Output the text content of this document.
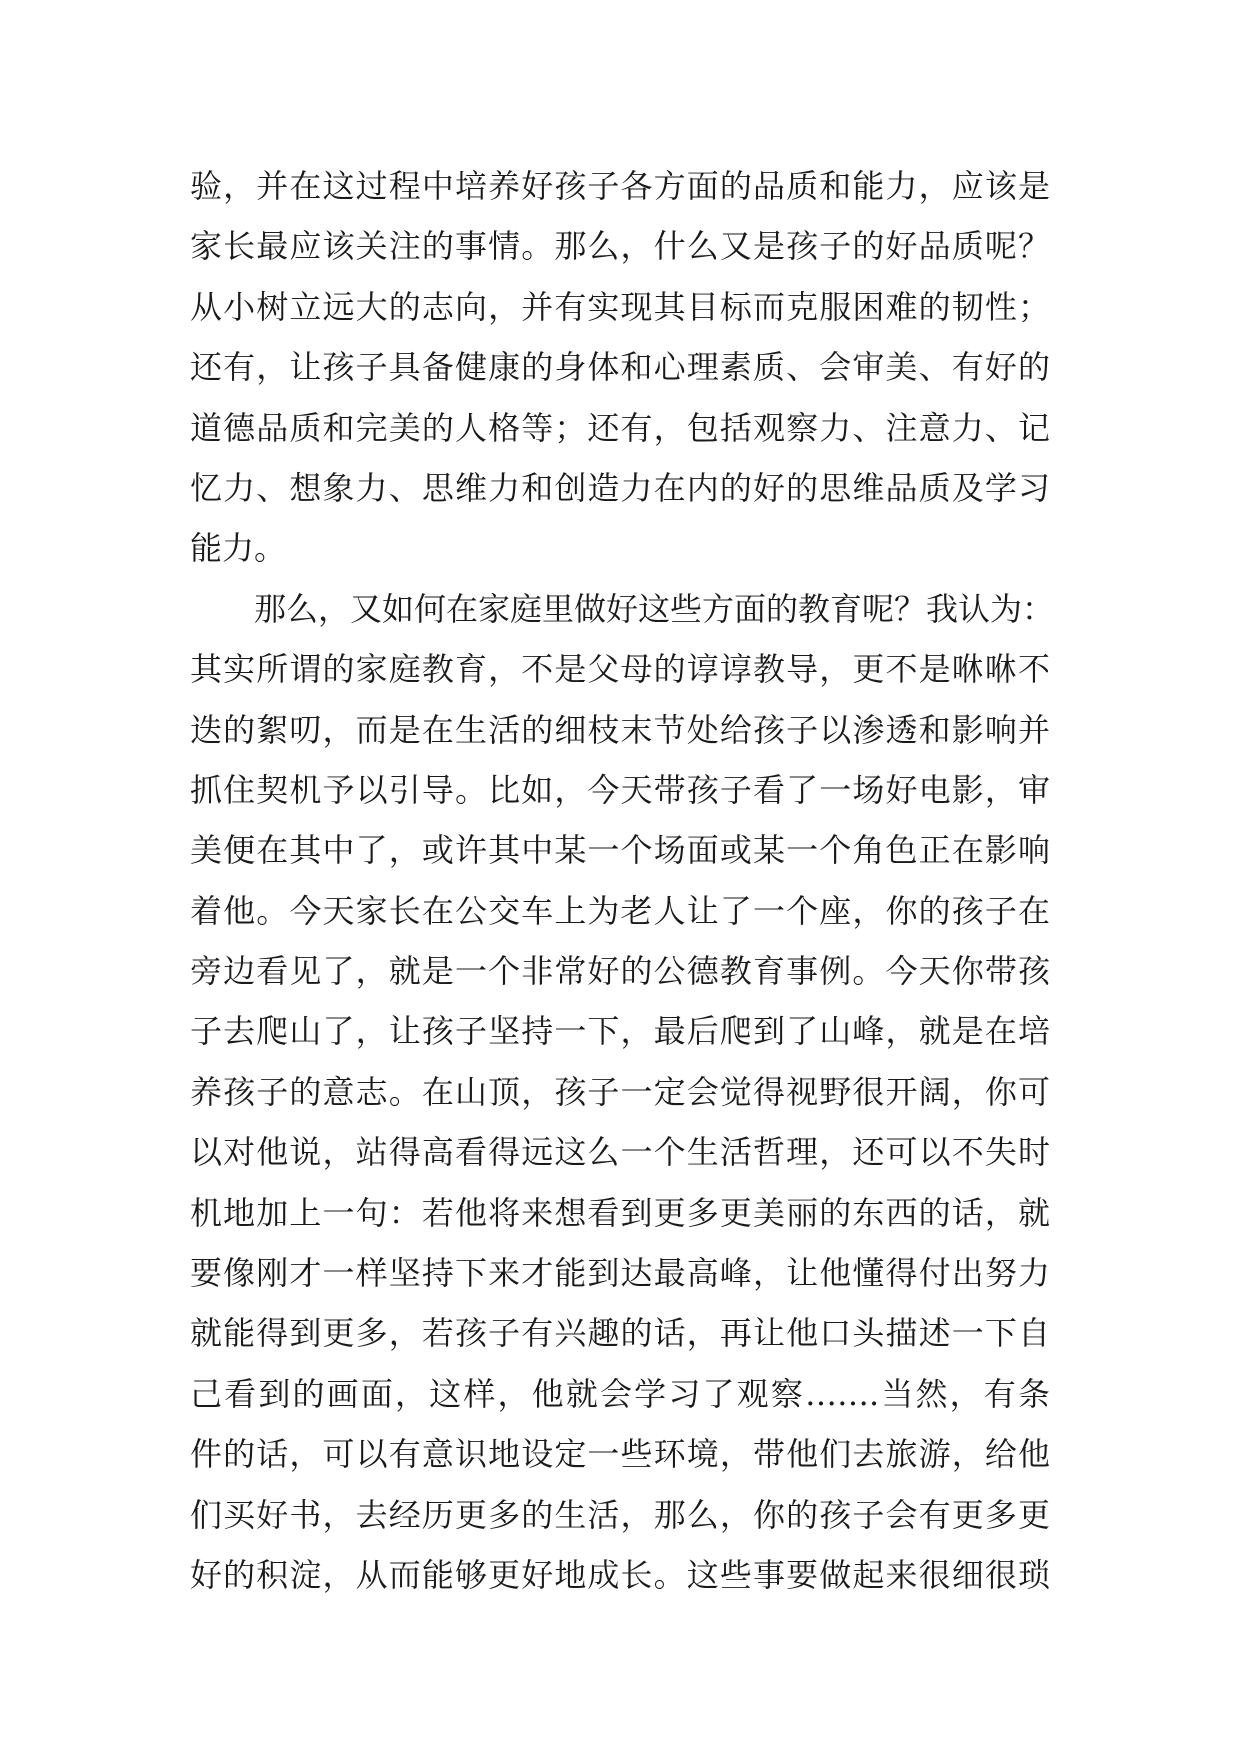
验，并在这过程中培养好孩子各方面的品质和能力，应该是
家长最应该关注的事情。那么，什么又是孩子的好品质呢？
从小树立远大的志向，并有实现其目标而克服困难的韧性；
还有，让孩子具备健康的身体和心理素质、会审美、有好的
道德品质和完美的人格等；还有，包括观察力、注意力、记
忆力、想象力、思维力和创造力在内的好的思维品质及学习
能力。
那么，又如何在家庭里做好这些方面的教育呢？我认为：
其实所谓的家庭教育，不是父母的谆谆教导，更不是咻咻不
迭的絮叨，而是在生活的细枝末节处给孩子以渗透和影响并
抓住契机予以引导。比如，今天带孩子看了一场好电影，审
美便在其中了，或许其中某一个场面或某一个角色正在影响
着他。今天家长在公交车上为老人让了一个座，你的孩子在
旁边看见了，就是一个非常好的公德教育事例。今天你带孩
子去爬山了，让孩子坚持一下，最后爬到了山峰，就是在培
养孩子的意志。在山顶，孩子一定会觉得视野很开阔，你可
以对他说，站得高看得远这么一个生活哲理，还可以不失时
机地加上一句：若他将来想看到更多更美丽的东西的话，就
要像刚才一样坚持下来才能到达最高峰，让他懂得付出努力
就能得到更多，若孩子有兴趣的话，再让他口头描述一下自
己看到的画面，这样，他就会学习了观察…….当然，有条
件的话，可以有意识地设定一些环境，带他们去旅游，给他
们买好书，去经历更多的生活，那么，你的孩子会有更多更
好的积淀，从而能够更好地成长。这些事要做起来很细很琐
